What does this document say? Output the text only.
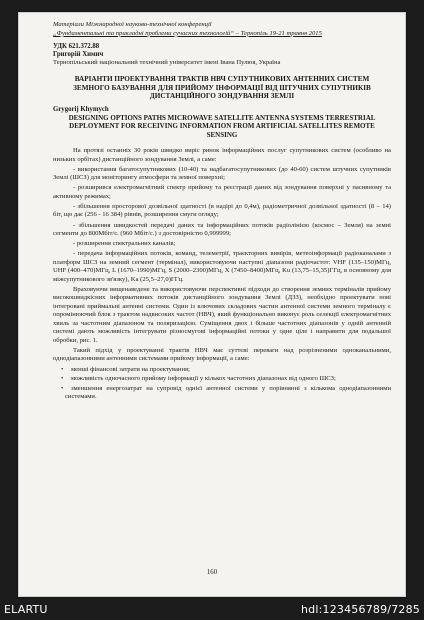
Матеріали Міжнародної науково-технічної конференції
„Фундаментальні та прикладні проблеми сучасних технологій“ – Тернопіль 19-21 травня 2015
УДК 621.372.88
Григорій Химич
Тернопільський національний технічний університет імені Івана Пулюя, Україна
ВАРІАНТИ ПРОЕКТУВАННЯ ТРАКТІВ НВЧ СУПУТНИКОВИХ АНТЕННИХ СИСТЕМ ЗЕМНОГО БАЗУВАННЯ ДЛЯ ПРИЙОМУ ІНФОРМАЦІЇ ВІД ШТУЧНИХ СУПУТНИКІВ ДИСТАНЦІЙНОГО ЗОНДУВАННЯ ЗЕМЛІ
Grygorij Khymych
DESIGNING OPTIONS PATHS MICROWAVE SATELLITE ANTENNA SYSTEMS TERRESTRIAL DEPLOYMENT FOR RECEIVING INFORMATION FROM ARTIFICIAL SATELLITES REMOTE SENSING

На протязі останніх 30 років швидко виріс ринок інформаційних послуг супутникових систем (особливо на низьких орбітах) дистанційного зондування Землі, а саме:

- використання багатосупутникових (10-40) та надбагатосупутникових (до 40-60) систем штучних супутників Землі (ШСЗ) для моніторингу атмосфери та земної поверхні;

- розширився електромагнітний спектр прийому та реєстрації даних від зондування поверхні у пасивному та активному режимах;

- збільшення просторової дозвільної здатності (в надірі до 0,4м), радіометричної дозвільної здатності (8 – 14) біт, що дає (256 - 16 384) рівнів, розширення смуги огляду;

- збільшення швидкостей передачі даних та інформаційних потоків радіолінією (космос – Земля) на земні сегменти до 800Мбіт/с. (960 Мбіт/с.) з достовірністю 0,999999;

- розширення спектральних каналів;

- передача інформаційних потоків, команд, телеметрії, траєкторних вимірів, метеоінформації радіоканалами з платформ ШСЗ на земний сегмент (термінал), використовуючи наступні діапазони радіочастот: VHF (135–150)МГц, UHF (400–470)МГц, L (1670–1990)МГц, S (2000–2300)МГц, X (7450–8400)МГц, Ku (13,75–15,35)ГГц, в основному для міжсупутникового зв'язку), Ka (25,5–27,0)ГГц.

Враховуючи вищенаведене та використовуючи перспективні підходи до створення земних терміналів прийому високошвидкісних інформативних потоків дистанційного зондування Землі (ДЗЗ), необхідно проектувати нові інтегровані приймальні антенні системи. Один із ключових складових частин антенної системи земного терміналу є опромінюючий блок з трактом надвисоких частот (НВЧ), який функціонально виконує роль селекції електромагнітних хвиль за частотним діапазоном та поляризацією. Суміщення двох і більше частотних діапазонів у одній антенній системі дають можливість інтегрувати різносмугові інформаційні потоки у одне ціле і направити для подальшої обробки, рис. 1.

Такий підхід у проектуванні трактів НВЧ має суттєві переваги над розрізненими одноканальними, однодіапазонними антенними системами прийому інформації, а саме:

• менші фінансові затрати на проектування;

• можливість одночасного прийому інформації у кількох частотних діапазонах від одного ШСЗ;

• зменшення енергозатрат на супровід однієї антенної системи у порівнянні з кількома однодіапазонними системами.

160
ELARTU	hdl:123456789/7285
